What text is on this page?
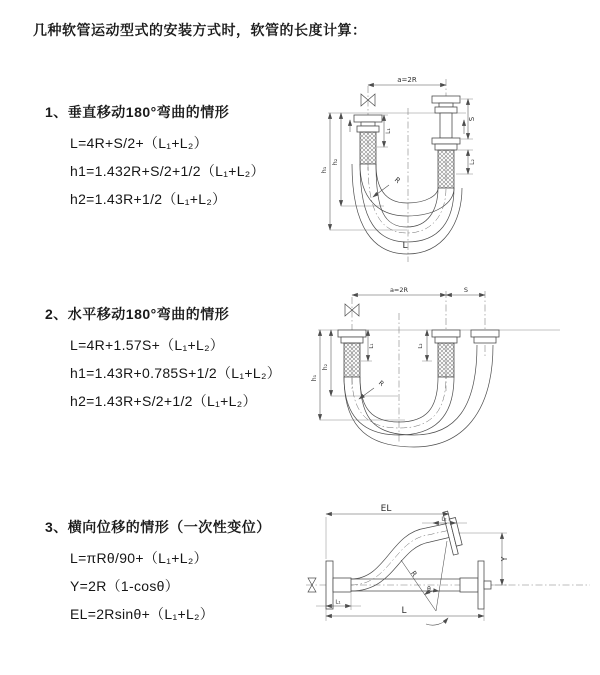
几种软管运动型式的安装方式时，软管的长度计算：
1、垂直移动180°弯曲的情形
L=4R+S/2+（L₁+L₂）
h1=1.432R+S/2+1/2（L₁+L₂）
h2=1.43R+1/2（L₁+L₂）
2、水平移动180°弯曲的情形
L=4R+1.57S+（L₁+L₂）
h1=1.43R+0.785S+1/2（L₁+L₂）
h2=1.43R+S/2+1/2（L₁+L₂）
3、横向位移的情形（一次性变位）
L=πRθ/90+（L₁+L₂）
Y=2R（1-cosθ）
EL=2Rsinθ+（L₁+L₂）
a=2R
L₁
S
L₂
h₁
h₂
R
L
a=2R	S
L₁	L₂
h₁
h₂
R
EL
L₂
Y
L
L₁
θ
R
